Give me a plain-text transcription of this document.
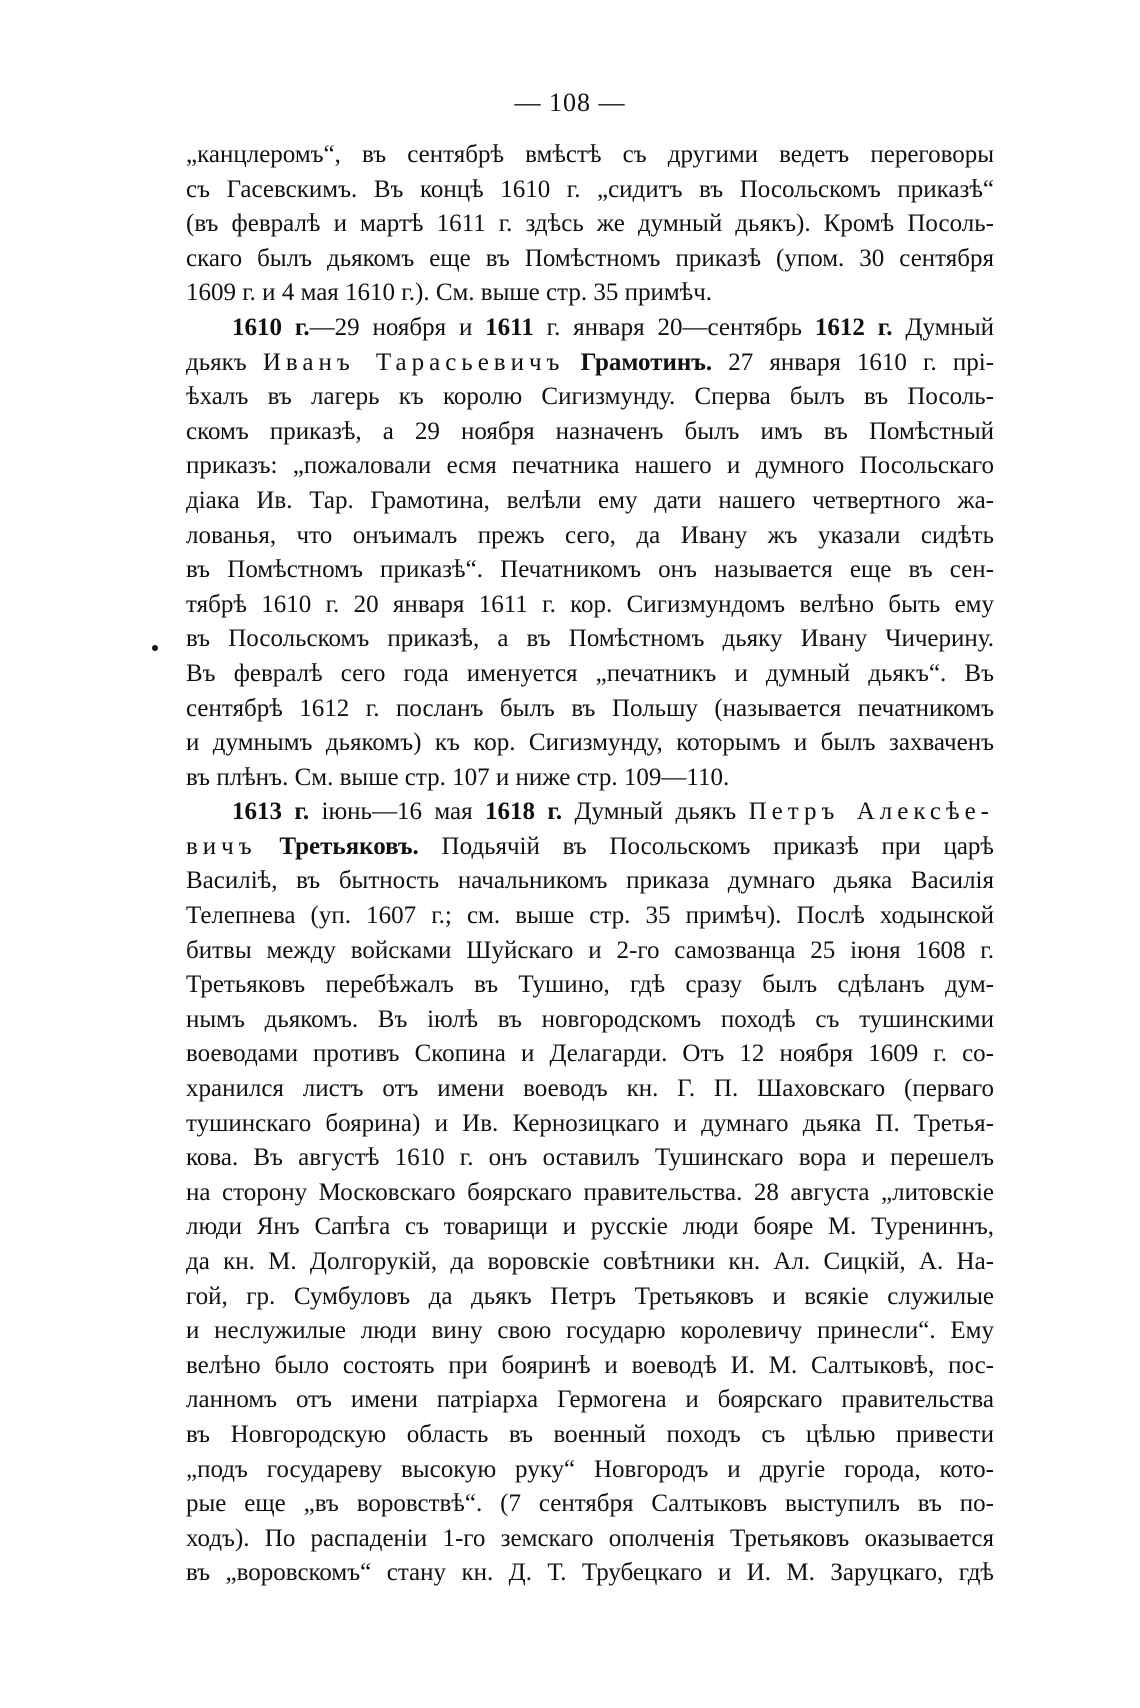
— 108 —
„канцлеромъ“, въ сентябрѣ вмѣстѣ съ другими ведетъ переговоры
съ Гасевскимъ. Въ концѣ 1610 г. „сидитъ въ Посольскомъ приказѣ“
(въ февралѣ и мартѣ 1611 г. здѣсь же думный дьякъ). Кромѣ Посоль-
скаго былъ дьякомъ еще въ Помѣстномъ приказѣ (упом. 30 сентября
1609 г. и 4 мая 1610 г.). См. выше стр. 35 примѣч.
1610 г.—29 ноября и 1611 г. января 20—сентябрь 1612 г. Думный
дьякъ Иванъ Тарасьевичъ Грамотинъ. 27 января 1610 г. прі-
ѣхалъ въ лагерь къ королю Сигизмунду. Сперва былъ въ Посоль-
скомъ приказѣ, а 29 ноября назначенъ былъ имъ въ Помѣстный
приказъ: „пожаловали есмя печатника нашего и думного Посольскаго
діака Ив. Тар. Грамотина, велѣли ему дати нашего четвертного жа-
лованья, что онъималъ прежъ сего, да Ивану жъ указали сидѣть
въ Помѣстномъ приказѣ“. Печатникомъ онъ называется еще въ сен-
тябрѣ 1610 г. 20 января 1611 г. кор. Сигизмундомъ велѣно быть ему
въ Посольскомъ приказѣ, а въ Помѣстномъ дьяку Ивану Чичерину.
Въ февралѣ сего года именуется „печатникъ и думный дьякъ“. Въ
сентябрѣ 1612 г. посланъ былъ въ Польшу (называется печатникомъ
и думнымъ дьякомъ) къ кор. Сигизмунду, которымъ и былъ захваченъ
въ плѣнъ. См. выше стр. 107 и ниже стр. 109—110.
1613 г. іюнь—16 мая 1618 г. Думный дьякъ Петръ Алексѣе-
вичъ Третьяковъ. Подьячій въ Посольскомъ приказѣ при царѣ
Василіѣ, въ бытность начальникомъ приказа думнаго дьяка Василія
Телепнева (уп. 1607 г.; см. выше стр. 35 примѣч). Послѣ ходынской
битвы между войсками Шуйскаго и 2-го самозванца 25 іюня 1608 г.
Третьяковъ перебѣжалъ въ Тушино, гдѣ сразу былъ сдѣланъ дум-
нымъ дьякомъ. Въ іюлѣ въ новгородскомъ походѣ съ тушинскими
воеводами противъ Скопина и Делагарди. Отъ 12 ноября 1609 г. со-
хранился листъ отъ имени воеводъ кн. Г. П. Шаховскаго (перваго
тушинскаго боярина) и Ив. Кернозицкаго и думнаго дьяка П. Третья-
кова. Въ августѣ 1610 г. онъ оставилъ Тушинскаго вора и перешелъ
на сторону Московскаго боярскаго правительства. 28 августа „литовскіе
люди Янъ Сапѣга съ товарищи и русскіе люди бояре М. Турениннъ,
да кн. М. Долгорукій, да воровскіе совѣтники кн. Ал. Сицкій, А. На-
гой, гр. Сумбуловъ да дьякъ Петръ Третьяковъ и всякіе служилые
и неслужилые люди вину свою государю королевичу принесли“. Ему
велѣно было состоять при бояринѣ и воеводѣ И. М. Салтыковѣ, пос-
ланномъ отъ имени патріарха Гермогена и боярскаго правительства
въ Новгородскую область въ военный походъ съ цѣлью привести
„подъ государеву высокую руку“ Новгородъ и другіе города, кото-
рые еще „въ воровствѣ“. (7 сентября Салтыковъ выступилъ въ по-
ходъ). По распаденіи 1-го земскаго ополченія Третьяковъ оказывается
въ „воровскомъ“ стану кн. Д. Т. Трубецкаго и И. М. Заруцкаго, гдѣ
